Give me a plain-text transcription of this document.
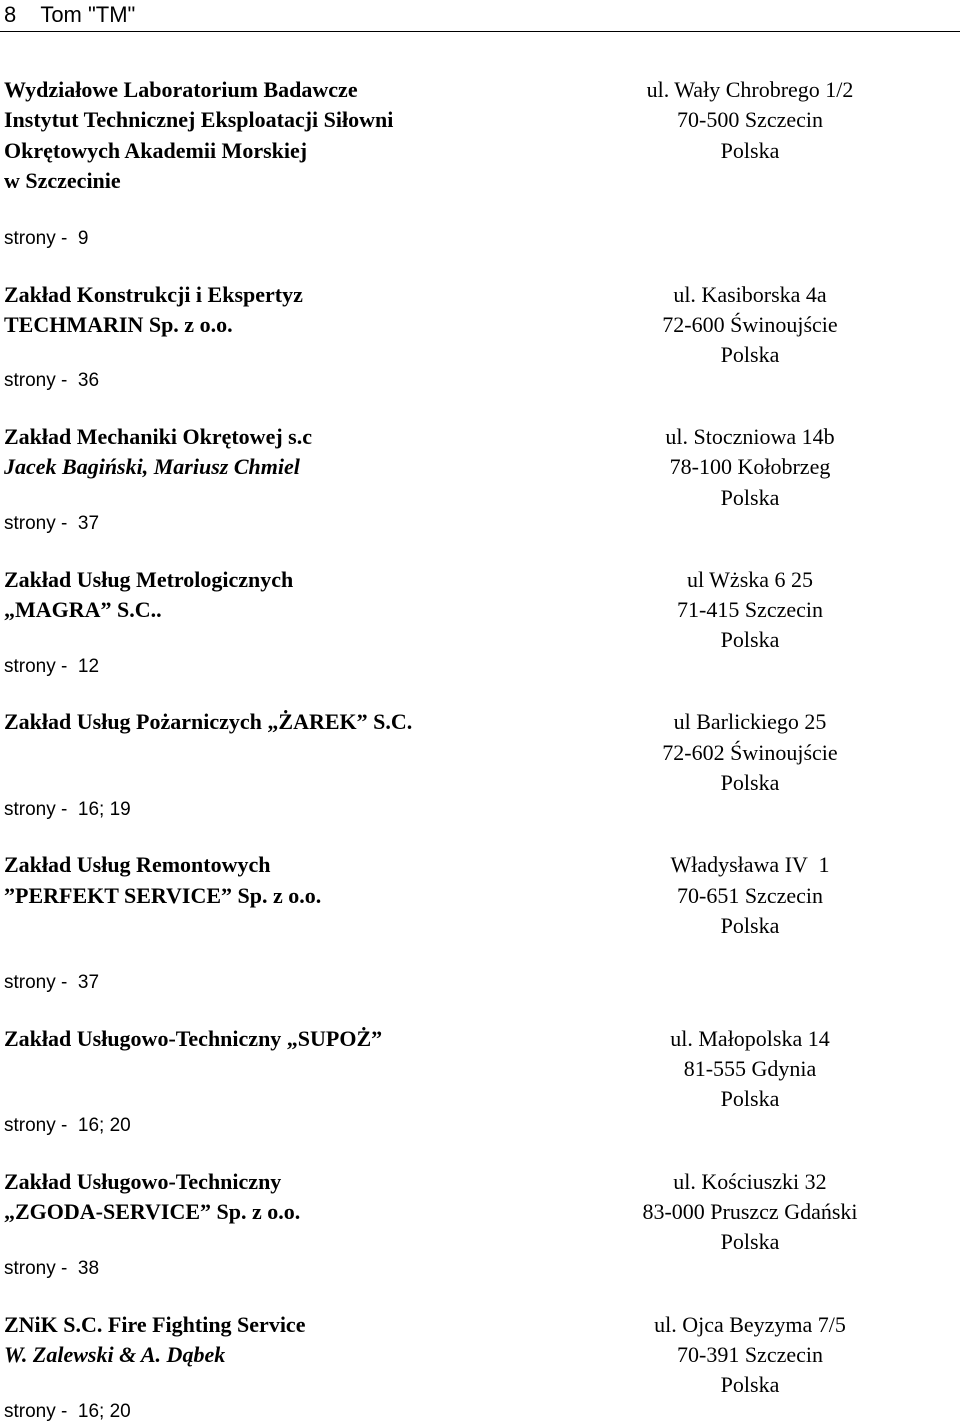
8 Tom "TM"
Wydziałowe Laboratorium Badawcze
Instytut Technicznej Eksploatacji Siłowni
Okrętowych Akademii Morskiej
w Szczecinie
ul. Wały Chrobrego 1/2
70-500 Szczecin
Polska
strony - 9
Zakład Konstrukcji i Ekspertyz
TECHMARIN Sp. z o.o.
ul. Kasiborska 4a
72-600 Świnoujście
Polska
strony - 36
Zakład Mechaniki Okrętowej s.c
Jacek Bagiński, Mariusz Chmiel
ul. Stoczniowa 14b
78-100 Kołobrzeg
Polska
strony - 37
Zakład Usług Metrologicznych
„MAGRA” S.C..
ul Wżska 6 25
71-415 Szczecin
Polska
strony - 12
Zakład Usług Pożarniczych „ŻAREK” S.C.	ul Barlickiego 25
72-602 Świnoujście
Polska
strony - 16; 19
Zakład Usług Remontowych
”PERFEKT SERVICE” Sp. z o.o.
Władysława IV  1
70-651 Szczecin
Polska
strony - 37
Zakład Usługowo-Techniczny „SUPOŻ”	ul. Małopolska 14
81-555 Gdynia
Polska
strony - 16; 20
Zakład Usługowo-Techniczny
„ZGODA-SERVICE” Sp. z o.o.
ul. Kościuszki 32
83-000 Pruszcz Gdański
Polska
strony - 38
ZNiK S.C. Fire Fighting Service
W. Zalewski & A. Dąbek
ul. Ojca Beyzyma 7/5
70-391 Szczecin
Polska
strony - 16; 20
